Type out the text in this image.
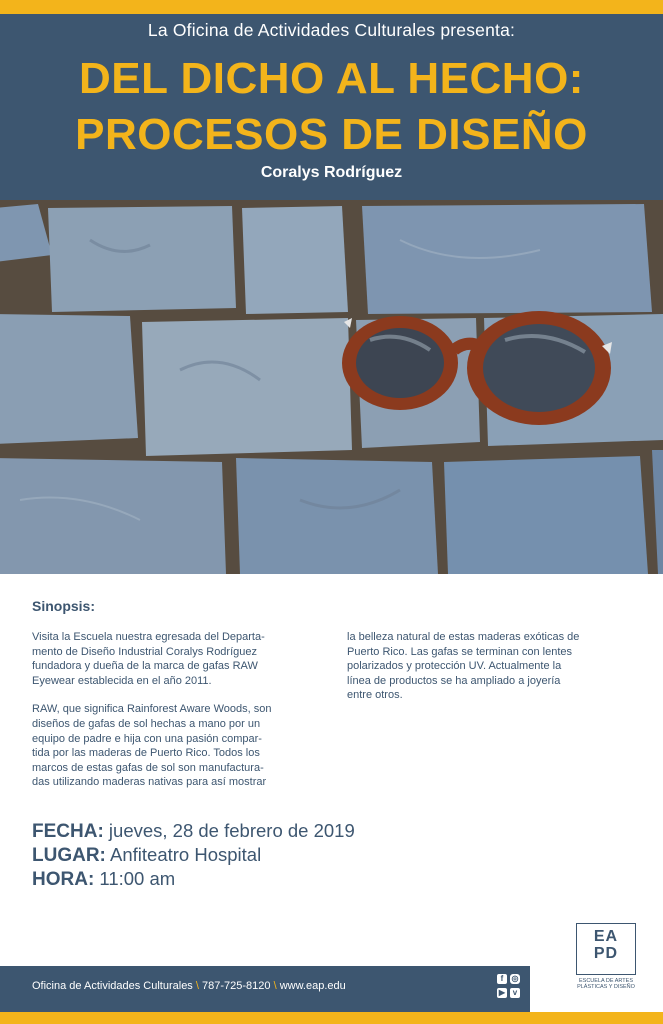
La Oficina de Actividades Culturales presenta:
DEL DICHO AL HECHO:
PROCESOS DE DISEÑO
Coralys Rodríguez
Sinopsis:

Visita la Escuela nuestra egresada del Departa-
mento de Diseño Industrial Coralys Rodríguez
fundadora y dueña de la marca de gafas RAW
Eyewear establecida en el año 2011.

RAW, que significa Rainforest Aware Woods, son
diseños de gafas de sol hechas a mano por un
equipo de padre e hija con una pasión compar-
tida por las maderas de Puerto Rico. Todos los
marcos de estas gafas de sol son manufactura-
das utilizando maderas nativas para así mostrar

la belleza natural de estas maderas exóticas de
Puerto Rico. Las gafas se terminan con lentes
polarizados y protección UV. Actualmente la
línea de productos se ha ampliado a joyería
entre otros.

FECHA: jueves, 28 de febrero de 2019
LUGAR: Anfiteatro Hospital
HORA: 11:00 am
EA
PD
ESCUELA DE ARTES
PLÁSTICAS Y DISEÑO
Oficina de Actividades Culturales \ 787-725-8120 \ www.eap.edu
f	◎
▶ v
